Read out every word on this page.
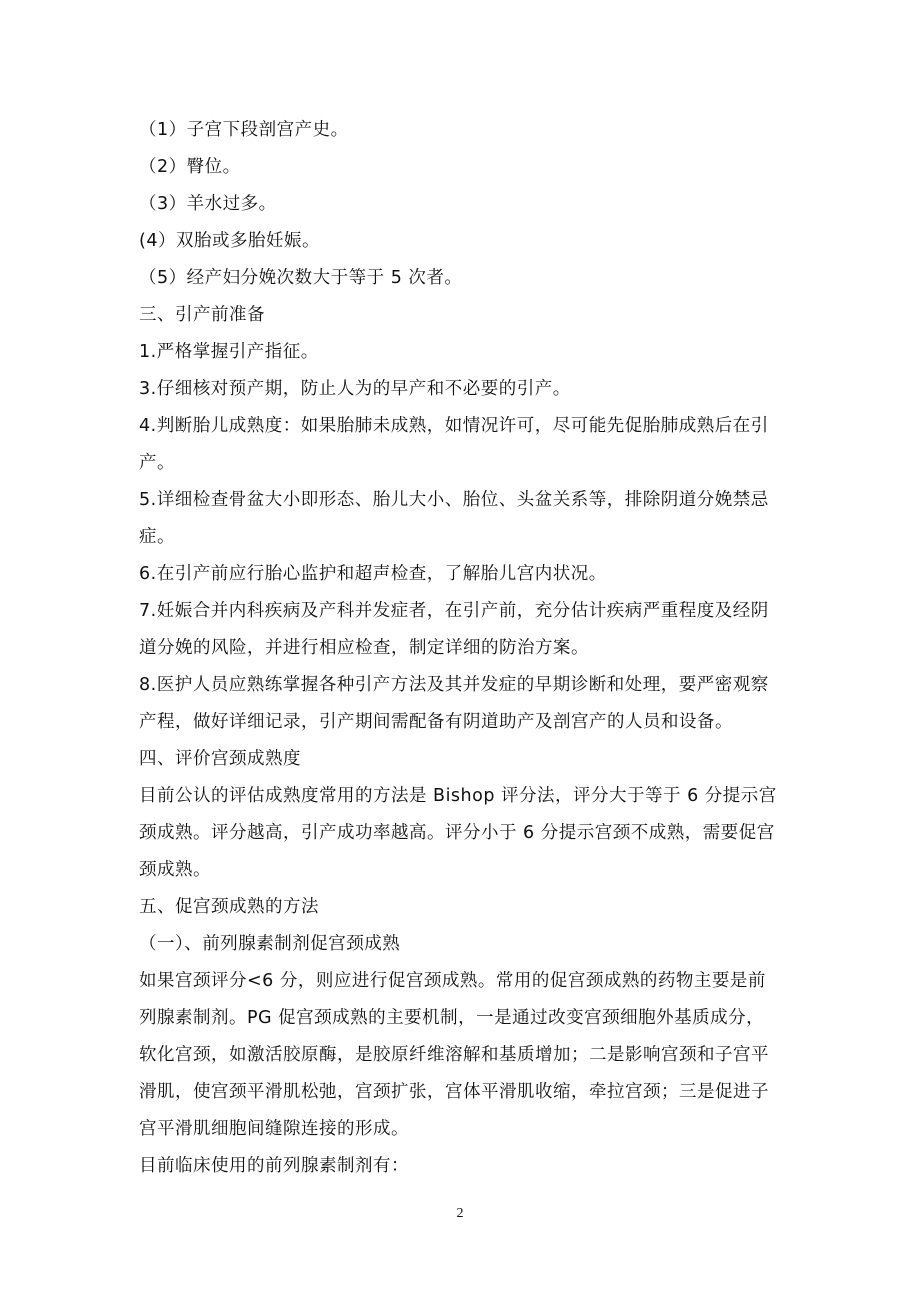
（1）子宫下段剖宫产史。
（2）臀位。
（3）羊水过多。
(4）双胎或多胎妊娠。
（5）经产妇分娩次数大于等于 5 次者。
三、引产前准备
1.严格掌握引产指征。
3.仔细核对预产期，防止人为的早产和不必要的引产。
4.判断胎儿成熟度：如果胎肺未成熟，如情况许可，尽可能先促胎肺成熟后在引
产。
5.详细检查骨盆大小即形态、胎儿大小、胎位、头盆关系等，排除阴道分娩禁忌
症。
6.在引产前应行胎心监护和超声检查，了解胎儿宫内状况。
7.妊娠合并内科疾病及产科并发症者，在引产前，充分估计疾病严重程度及经阴
道分娩的风险，并进行相应检查，制定详细的防治方案。
8.医护人员应熟练掌握各种引产方法及其并发症的早期诊断和处理，要严密观察
产程，做好详细记录，引产期间需配备有阴道助产及剖宫产的人员和设备。
四、评价宫颈成熟度
目前公认的评估成熟度常用的方法是 Bishop 评分法，评分大于等于 6 分提示宫
颈成熟。评分越高，引产成功率越高。评分小于 6 分提示宫颈不成熟，需要促宫
颈成熟。
五、促宫颈成熟的方法
（一）、前列腺素制剂促宫颈成熟
如果宫颈评分<6 分，则应进行促宫颈成熟。常用的促宫颈成熟的药物主要是前
列腺素制剂。PG 促宫颈成熟的主要机制，一是通过改变宫颈细胞外基质成分，
软化宫颈，如激活胶原酶，是胶原纤维溶解和基质增加；二是影响宫颈和子宫平
滑肌，使宫颈平滑肌松弛，宫颈扩张，宫体平滑肌收缩，牵拉宫颈；三是促进子
宫平滑肌细胞间缝隙连接的形成。
目前临床使用的前列腺素制剂有：
2
